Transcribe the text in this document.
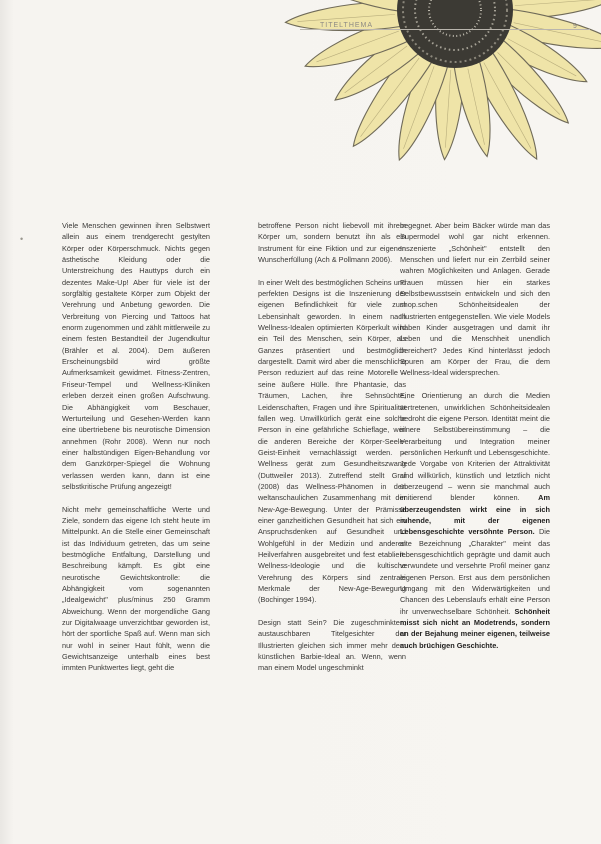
TITELTHEMA	9
•

Viele Menschen gewinnen ihren Selbstwert allein aus einem trendgerecht gestylten Körper oder Körperschmuck. Nichts gegen ästhetische Kleidung oder die Unterstreichung des Hauttyps durch ein dezentes Make-Up! Aber für viele ist der sorgfältig gestaltete Körper zum Objekt der Verehrung und Anbetung geworden. Die Verbreitung von Piercing und Tattoos hat enorm zugenommen und zählt mittlerweile zu einem festen Bestandteil der Jugendkultur (Brähler et al. 2004). Dem äußeren Erscheinungsbild wird größte Aufmerksamkeit gewidmet. Fitness-Zentren, Friseur-Tempel und Wellness-Kliniken erleben derzeit einen großen Aufschwung. Die Abhängigkeit vom Beschauer, Werturteilung und Gesehen-Werden kann eine übertriebene bis neurotische Dimension annehmen (Rohr 2008). Wenn nur noch einer halbstündigen Eigen-Behandlung vor dem Ganzkörper-Spiegel die Wohnung verlassen werden kann, dann ist eine selbstkritische Prüfung angezeigt!

Nicht mehr gemeinschaftliche Werte und Ziele, sondern das eigene Ich steht heute im Mittelpunkt. An die Stelle einer Gemeinschaft ist das Individuum getreten, das um seine bestmögliche Entfaltung, Darstellung und Beschreibung kämpft. Es gibt eine neurotische Gewichtskontrolle: die Abhängigkeit vom sogenannten „Idealgewicht" plus/minus 250 Gramm Abweichung. Wenn der morgendliche Gang zur Digitalwaage unverzichtbar geworden ist, hört der sportliche Spaß auf. Wenn man sich nur wohl in seiner Haut fühlt, wenn die Gewichtsanzeige unterhalb eines best immten Punktwertes liegt, geht die

betroffene Person nicht liebevoll mit ihrem Körper um, sondern benutzt ihn als ein Instrument für eine Fiktion und zur eigenen Wunscherfüllung (Ach & Pollmann 2006).

In einer Welt des bestmöglichen Scheins und perfekten Designs ist die Inszenierung der eigenen Befindlichkeit für viele zum Lebensinhalt geworden. In einem nach Wellness-Idealen optimierten Körperkult wird ein Teil des Menschen, sein Körper, als Ganzes präsentiert und bestmöglich dargestellt. Damit wird aber die menschliche Person reduziert auf das reine Motorelle – seine äußere Hülle. Ihre Phantasie, das Träumen, Lachen, ihre Sehnsüchte, Leidenschaften, Fragen und ihre Spiritualität fallen weg. Unwillkürlich gerät eine solche Person in eine gefährliche Schieflage, weil die anderen Bereiche der Körper-Seele-Geist-Einheit vernachlässigt werden. – Wellness gerät zum Gesundheitszwang (Duttweiler 2013). Zutreffend stellt Graf (2008) das Wellness-Phänomen in den weltanschaulichen Zusammenhang mit der New-Age-Bewegung. Unter der Prämisse einer ganzheitlichen Gesundheit hat sich ein Anspruchsdenken auf Gesundheit und Wohlgefühl in der Medizin und anderen Heilverfahren ausgebreitet und fest etabliert. Wellness-Ideologie und die kultische Verehrung des Körpers sind zentrale Merkmale der New-Age-Bewegung (Bochinger 1994).

Design statt Sein? Die zugeschminkten, austauschbaren Titelgesichter der Illustrierten gleichen sich immer mehr dem künstlichen Barbie-Ideal an. Wenn, wenn man einem Model ungeschminkt

begegnet. Aber beim Bäcker würde man das Supermodel wohl gar nicht erkennen. Inszenierte „Schönheit" entstellt den Menschen und liefert nur ein Zerrbild seiner wahren Möglichkeiten und Anlagen. Gerade Frauen müssen hier ein starkes Selbstbewusstsein entwickeln und sich den shop.schen Schönheitsidealen der Illustrierten entgegenstellen. Wie viele Models haben Kinder ausgetragen und damit ihr Leben und die Menschheit unendlich bereichert? Jedes Kind hinterlässt jedoch Spuren am Körper der Frau, die dem Wellness-Ideal widersprechen.

Eine Orientierung an durch die Medien vertretenen, unwirklichen Schönheitsidealen bedroht die eigene Person. Identität meint die innere Selbstübereinstimmung – die Verarbeitung und Integration meiner persönlichen Herkunft und Lebensgeschichte. Jede Vorgabe von Kriterien der Attraktivität sind willkürlich, künstlich und letztlich nicht überzeugend – wenn sie manchmal auch imitierend blender können.	Am überzeugendsten wirkt eine in sich ruhende, mit der eigenen Lebensgeschichte versöhnte Person. Die alte Bezeichnung „Charakter" meint das lebensgeschichtlich geprägte und damit auch verwundete und versehrte Profil meiner ganz eigenen Person. Erst aus dem persönlichen Umgang mit den Widerwärtigkeiten und Chancen des Lebenslaufs erhält eine Person ihr unverwechselbare Schönheit. Schönheit misst sich nicht an Modetrends, sondern an der Bejahung meiner eigenen, teilweise auch brüchigen Geschichte.
